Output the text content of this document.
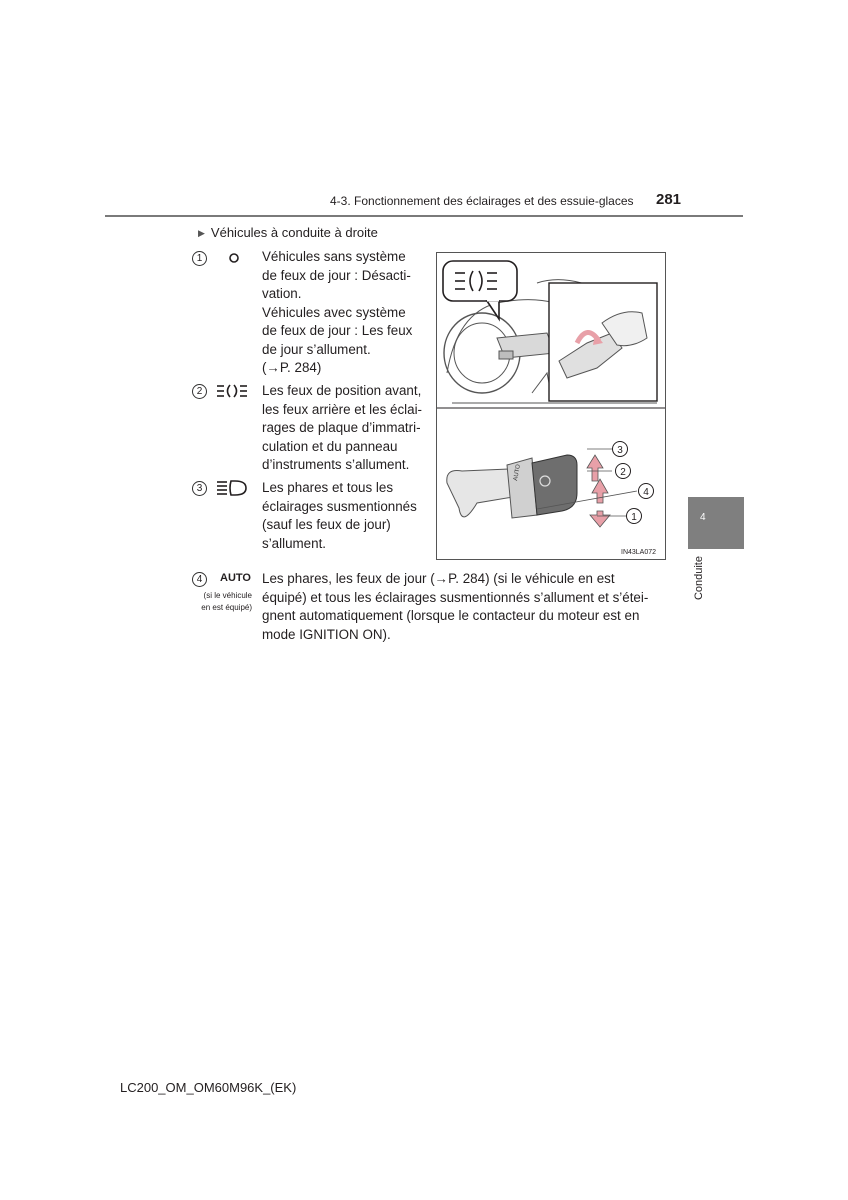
4-3. Fonctionnement des éclairages et des essuie-glaces 281
▶ Véhicules à conduite à droite
1	Véhicules sans système
de feux de jour : Désacti-
vation.
Véhicules avec système
de feux de jour : Les feux
de jour s’allument.
(→P. 284)
2	Les feux de position avant,
les feux arrière et les éclai-
rages de plaque d’immatri-
culation et du panneau
d’instruments s’allument.
3	Les phares et tous les
éclairages susmentionnés
(sauf les feux de jour)
s’allument.
4	AUTO
(si le véhicule
en est équipé)
Les phares, les feux de jour (→P. 284) (si le véhicule en est
équipé) et tous les éclairages susmentionnés s’allument et s’étei-
gnent automatiquement (lorsque le contacteur du moteur est en
mode IGNITION ON).
AUTO
3
2
4
1
IN43LA072
4
Conduite
LC200_OM_OM60M96K_(EK)
